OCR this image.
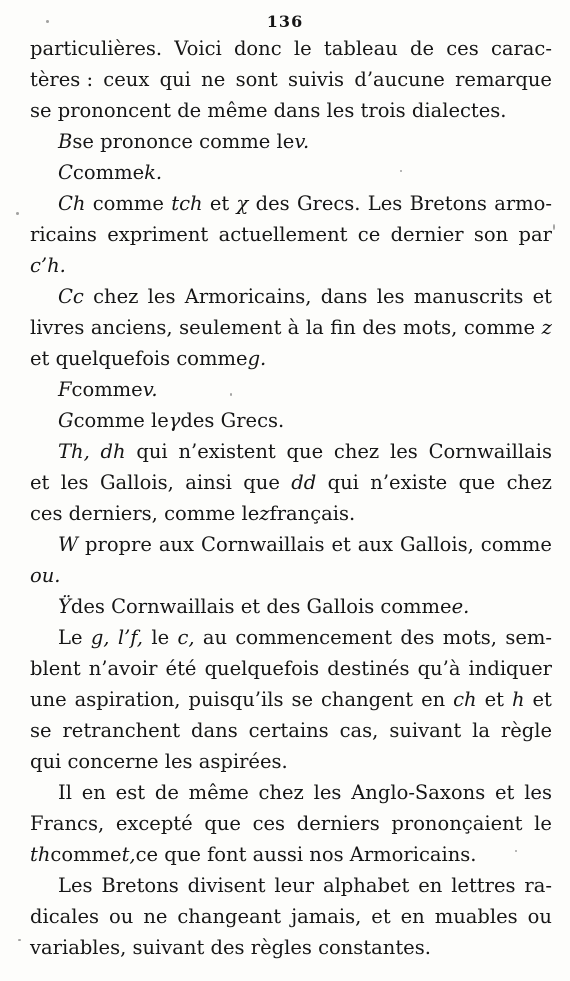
136
particulières. Voici donc le tableau de ces carac-
tères : ceux qui ne sont suivis d’aucune remarque
se prononcent de même dans les trois dialectes.
B se prononce comme le v.
C comme k.
Ch comme tch et χ des Grecs. Les Bretons armo-
ricains expriment actuellement ce dernier son par
c’h.
Cc chez les Armoricains, dans les manuscrits et
livres anciens, seulement à la fin des mots, comme z
et quelquefois comme g.
F comme v.
G comme le γ des Grecs.
Th, dh qui n’existent que chez les Cornwaillais
et les Gallois, ainsi que dd qui n’existe que chez
ces derniers, comme le z français.
W propre aux Cornwaillais et aux Gallois, comme
ou.
Ÿ des Cornwaillais et des Gallois comme e.
Le g, l’f, le c, au commencement des mots, sem-
blent n’avoir été quelquefois destinés qu’à indiquer
une aspiration, puisqu’ils se changent en ch et h et
se retranchent dans certains cas, suivant la règle
qui concerne les aspirées.
Il en est de même chez les Anglo-Saxons et les
Francs, excepté que ces derniers prononçaient le
th comme t, ce que font aussi nos Armoricains.
Les Bretons divisent leur alphabet en lettres ra-
dicales ou ne changeant jamais, et en muables ou
variables, suivant des règles constantes.
